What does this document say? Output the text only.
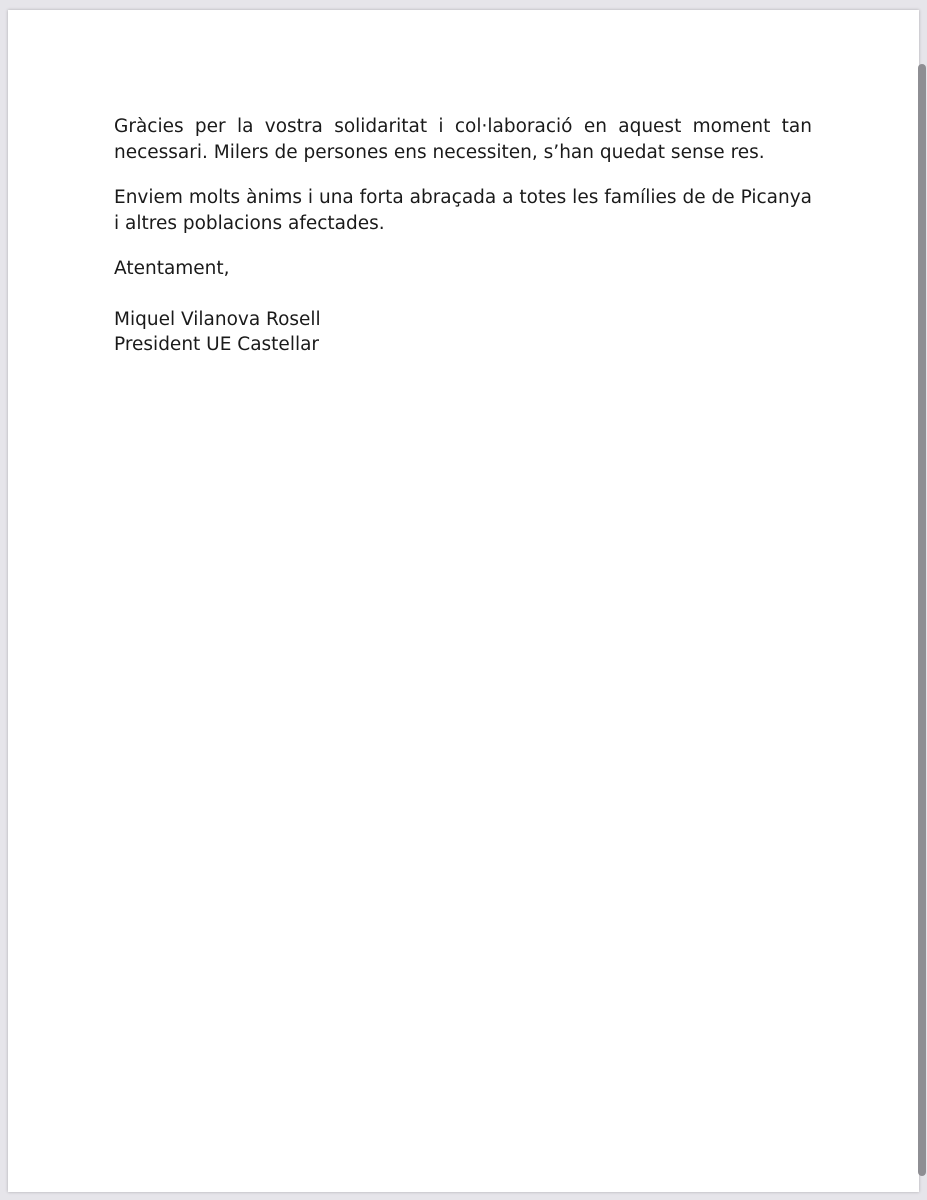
Gràcies per la vostra solidaritat i col·laboració en aquest moment tan necessari. Milers de persones ens necessiten, s’han quedat sense res.

Enviem molts ànims i una forta abraçada a totes les famílies de de Picanya i altres poblacions afectades.

Atentament,

Miquel Vilanova Rosell
President UE Castellar
